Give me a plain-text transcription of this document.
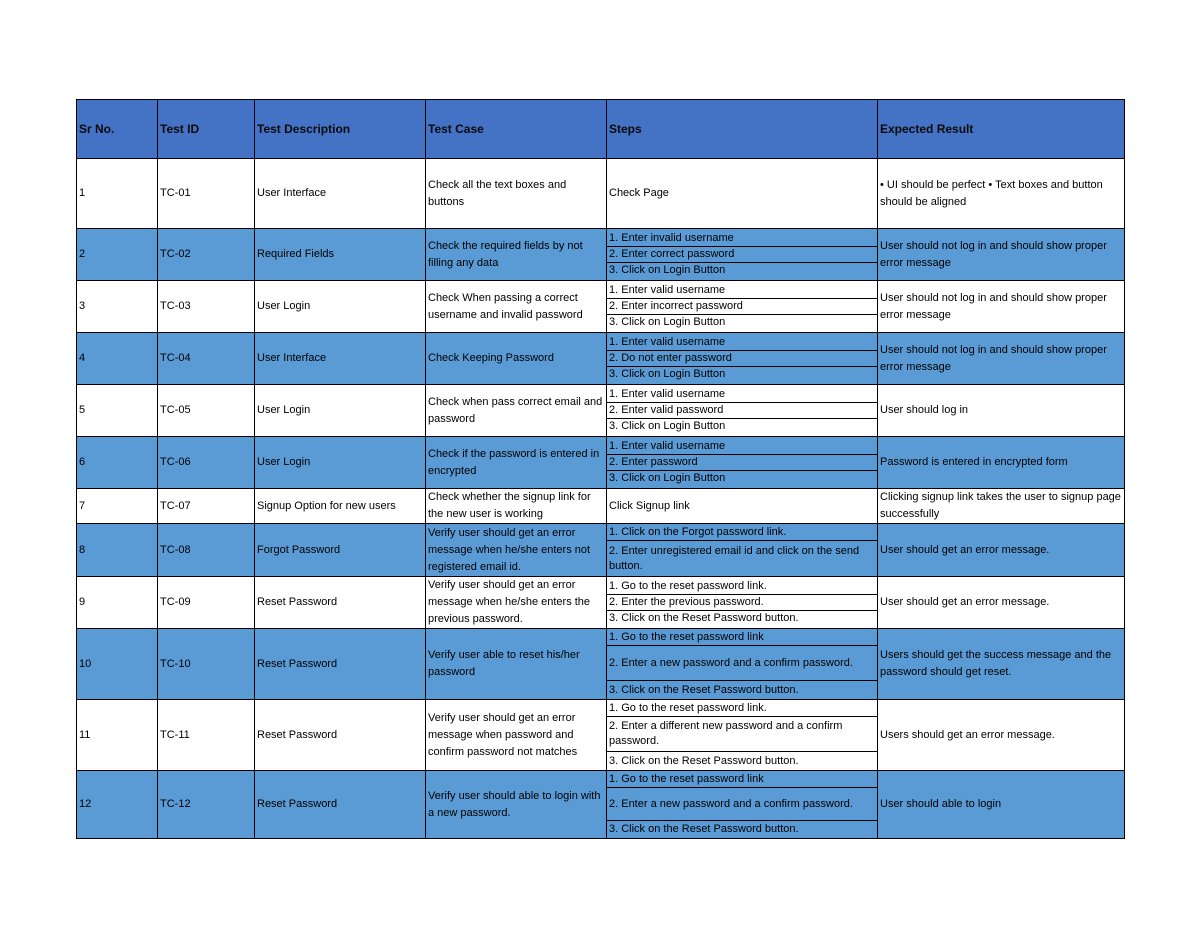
Sr No.	Test ID	Test Description	Test Case	Steps	Expected Result
1	TC-01	User Interface	Check all the text boxes and buttons	Check Page	• UI should be perfect • Text boxes and button should be aligned
2	TC-02	Required Fields	Check the required fields by not filling any data	1. Enter invalid username
2. Enter correct password
3. Click on Login Button	User should not log in and should show proper error message
3	TC-03	User Login	Check When passing a correct username and invalid password	1. Enter valid username
2. Enter incorrect password
3. Click on Login Button	User should not log in and should show proper error message
4	TC-04	User Interface	Check Keeping Password	1. Enter valid username
2. Do not enter password
3. Click on Login Button	User should not log in and should show proper error message
5	TC-05	User Login	Check when pass correct email and password	1. Enter valid username
2. Enter valid password
3. Click on Login Button	User should log in
6	TC-06	User Login	Check if the password is entered in encrypted	1. Enter valid username
2. Enter password
3. Click on Login Button	Password is entered in encrypted form
7	TC-07	Signup Option for new users	Check whether the signup link for the new user is working	Click Signup link	Clicking signup link takes the user to signup page successfully
8	TC-08	Forgot Password	Verify user should get an error message when he/she enters not registered email id.	1. Click on the Forgot password link.
2. Enter unregistered email id and click on the send button.	User should get an error message.
9	TC-09	Reset Password	Verify user should get an error message when he/she enters the previous password.	1. Go to the reset password link.
2. Enter the previous password.
3. Click on the Reset Password button.	User should get an error message.
10	TC-10	Reset Password	Verify user able to reset his/her password	1. Go to the reset password link
2. Enter a new password and a confirm password.
3. Click on the Reset Password button.	Users should get the success message and the password should get reset.
11	TC-11	Reset Password	Verify user should get an error message when password and confirm password not matches	1. Go to the reset password link.
2. Enter a different new password and a confirm password.
3. Click on the Reset Password button.	Users should get an error message.
12	TC-12	Reset Password	Verify user should able to login with a new password.	1. Go to the reset password link
2. Enter a new password and a confirm password.
3. Click on the Reset Password button.	User should able to login
